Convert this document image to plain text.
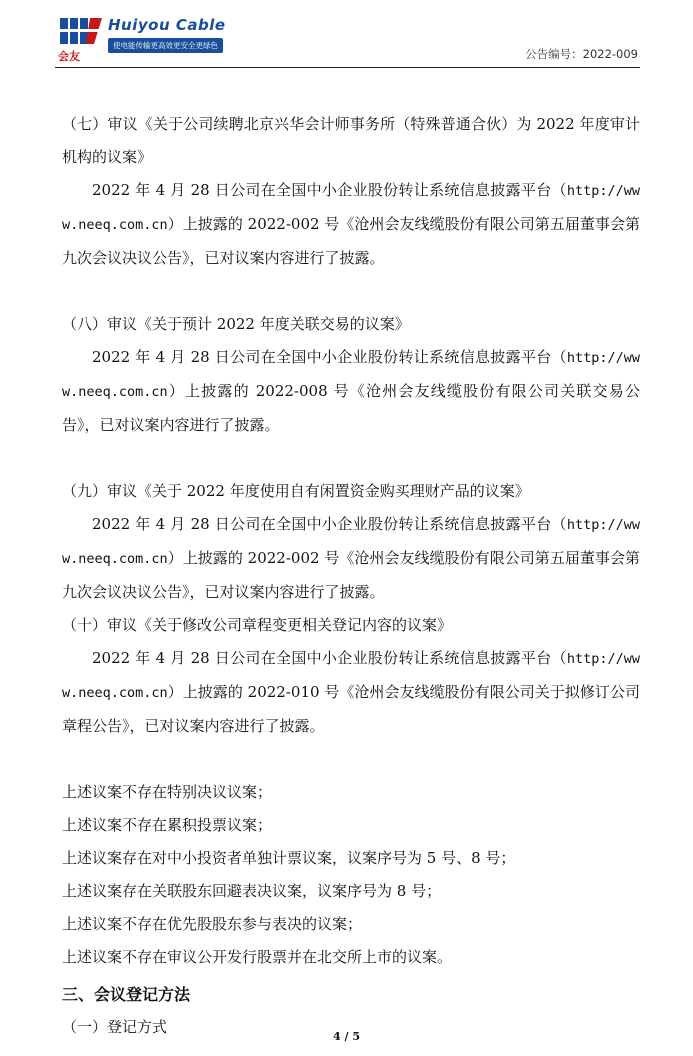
会友
Huiyou Cable
使电能传输更高效更安全更绿色
公告编号：2022-009

（七）审议《关于公司续聘北京兴华会计师事务所（特殊普通合伙）为 2022 年度审计机构的议案》

2022 年 4 月 28 日公司在全国中小企业股份转让系统信息披露平台（http://www.neeq.com.cn）上披露的 2022-002 号《沧州会友线缆股份有限公司第五届董事会第九次会议决议公告》，已对议案内容进行了披露。

（八）审议《关于预计 2022 年度关联交易的议案》

2022 年 4 月 28 日公司在全国中小企业股份转让系统信息披露平台（http://www.neeq.com.cn）上披露的 2022-008 号《沧州会友线缆股份有限公司关联交易公告》，已对议案内容进行了披露。

（九）审议《关于 2022 年度使用自有闲置资金购买理财产品的议案》

2022 年 4 月 28 日公司在全国中小企业股份转让系统信息披露平台（http://www.neeq.com.cn）上披露的 2022-002 号《沧州会友线缆股份有限公司第五届董事会第九次会议决议公告》，已对议案内容进行了披露。

（十）审议《关于修改公司章程变更相关登记内容的议案》

2022 年 4 月 28 日公司在全国中小企业股份转让系统信息披露平台（http://www.neeq.com.cn）上披露的 2022-010 号《沧州会友线缆股份有限公司关于拟修订公司章程公告》，已对议案内容进行了披露。

上述议案不存在特别决议议案；

上述议案不存在累积投票议案；

上述议案存在对中小投资者单独计票议案，议案序号为 5 号、8 号；

上述议案存在关联股东回避表决议案，议案序号为 8 号；

上述议案不存在优先股股东参与表决的议案；

上述议案不存在审议公开发行股票并在北交所上市的议案。

三、会议登记方法

（一）登记方式

4 / 5
